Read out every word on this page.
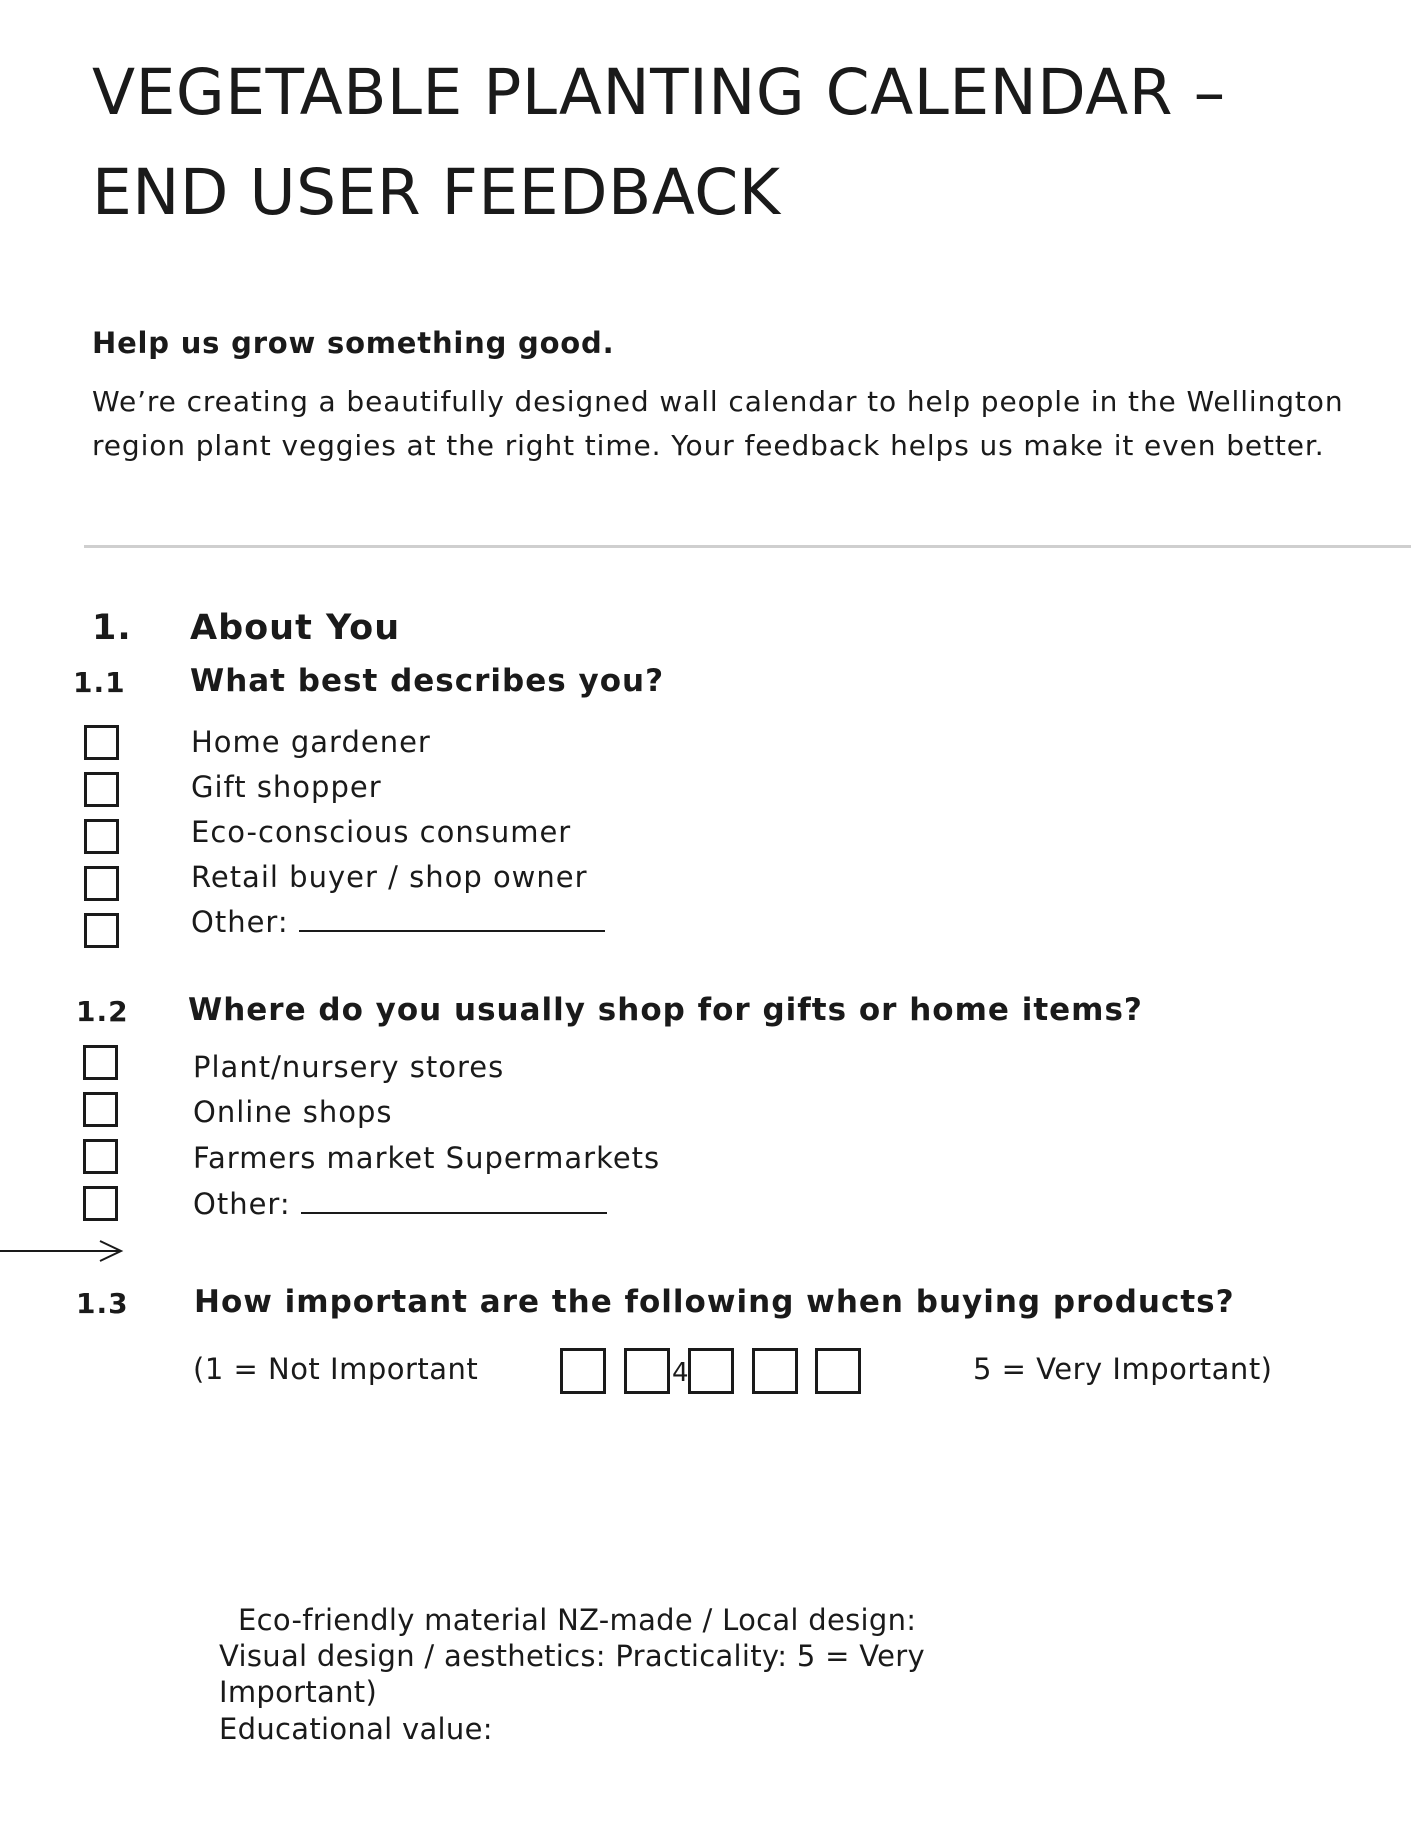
VEGETABLE PLANTING CALENDAR –
END USER FEEDBACK
Help us grow something good.
We’re creating a beautifully designed wall calendar to help people in the Wellington
region plant veggies at the right time. Your feedback helps us make it even better.
1. About You
1.1 What best describes you?
Home gardener
Gift shopper
Eco-conscious consumer
Retail buyer / shop owner
Other:
1.2 Where do you usually shop for gifts or home items?
Plant/nursery stores
Online shops
Farmers market Supermarkets
Other:
1.3 How important are the following when buying products?
(1 = Not Important	4	5 = Very Important)
Eco-friendly material NZ-made / Local design:
Visual design / aesthetics: Practicality: 5 = Very
Important)
Educational value:
